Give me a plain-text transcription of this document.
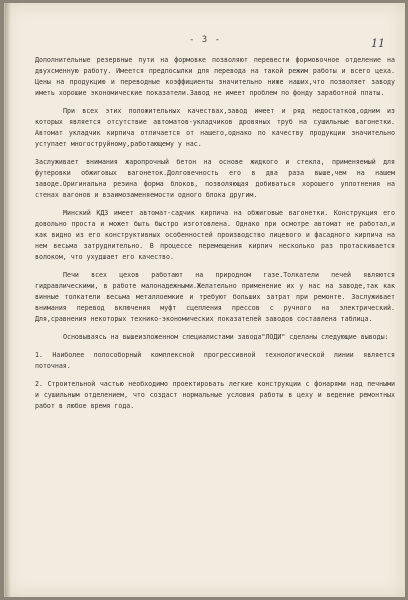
- 3 -	11

Дополнительные резервные пути на формовке позволяют перевести формовочное отделение на двухсменную работу. Имеется предпосылки для перевода на такой режим работы и всего цеха. Цены на продукцию и переводные коэффициенты значительно ниже наших,что позволяет заводу иметь хорошие экономические показатели.Завод не имеет проблем по фонду заработной платы.

При всех этих положительных качествах,завод имеет и ряд недостатков,одним из которых является отсутствие автоматов-укладчиков дровяных труб на сушильные вагонетки. Автомат укладчик кирпича отличается от нашего,однако по качеству продукции значительно уступает многоструйному,работающему у нас.

Заслуживает внимания жаропрочный бетон на основе жидкого и стекла, применяемый для футеровки обжиговых вагонеток.Долговечность его в два раза выше,чем на нашем заводе.Оригинальна резина форма блоков, позволяющая добиваться хорошего уплотнения на стенах вагонов и взаимозаменяемости одного блока другим.

Минский КДЗ имеет автомат-садчик кирпича на обжиговые вагонетки. Конструкция его довольно проста и может быть быстро изготовлена. Однако при осмотре автомат не работал,и как видно из его конструктивных особенностей производство лицевого и фасадного кирпича на нем весьма затруднительно. В процессе перемещения кирпич несколько раз протаскивается волоком, что ухудшает его качество.

Печи всех цехов работают на природном газе.Толкатели печей являются гидравлическими, в работе малонадежными.Желательно применение их у нас на заводе,так как винные толкатели весьма металлоемкие и требуют больших затрат при ремонте. Заслуживает внимания перевод включения муфт сцепления прессов с ручного на электрический. Для,сравнения некоторых технико-экономических показателей заводов составлена таблица.

Основываясь на вышеизложенном специалистами завода"ЛОДИ" сделаны следующие выводы:

1. Наиболее полособорный комплексной прогрессивной технологической линии является поточная.

2. Строительной частью необходимо проектировать легкие конструкции с фонарями над печными и сушильным отделением, что создаст нормальные условия работы в цеху и ведение ремонтных работ в любое время года.
